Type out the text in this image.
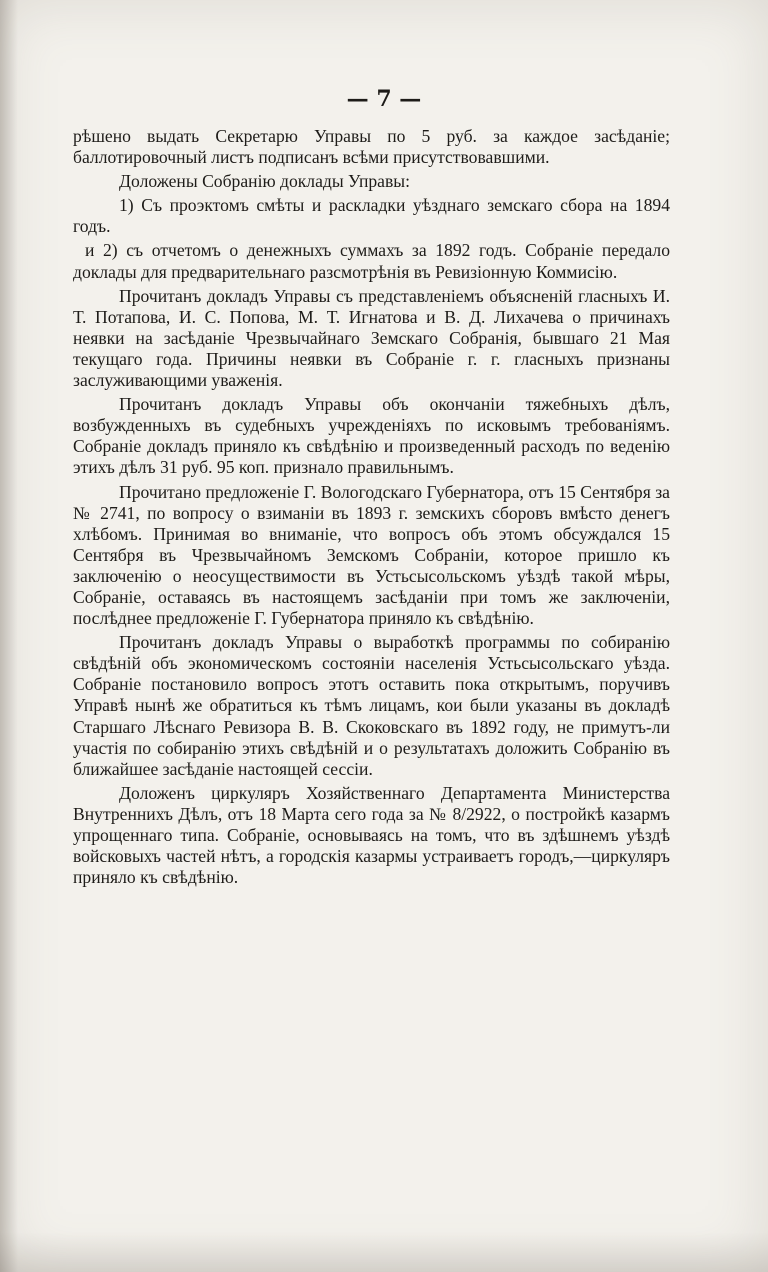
— 7 —

рѣшено выдать Секретарю Управы по 5 руб. за каждое засѣданіе; баллотировочный листъ подписанъ всѣми присутствовавшими.

Доложены Собранію доклады Управы:

1) Съ проэктомъ смѣты и раскладки уѣзднаго земскаго сбора на 1894 годъ.

и 2) съ отчетомъ о денежныхъ суммахъ за 1892 годъ. Собраніе передало доклады для предварительнаго разсмотрѣнія въ Ревизіонную Коммисію.

Прочитанъ докладъ Управы съ представленіемъ объясненій гласныхъ И. Т. Потапова, И. С. Попова, М. Т. Игнатова и В. Д. Лихачева о причинахъ неявки на засѣданіе Чрезвычайнаго Земскаго Собранія, бывшаго 21 Мая текущаго года. Причины неявки въ Собраніе г. г. гласныхъ признаны заслуживающими уваженія.

Прочитанъ докладъ Управы объ окончаніи тяжебныхъ дѣлъ, возбужденныхъ въ судебныхъ учрежденіяхъ по исковымъ требованіямъ. Собраніе докладъ приняло къ свѣдѣнію и произведенный расходъ по веденію этихъ дѣлъ 31 руб. 95 коп. признало правильнымъ.

Прочитано предложеніе Г. Вологодскаго Губернатора, отъ 15 Сентября за № 2741, по вопросу о взиманіи въ 1893 г. земскихъ сборовъ вмѣсто денегъ хлѣбомъ. Принимая во вниманіе, что вопросъ объ этомъ обсуждался 15 Сентября въ Чрезвычайномъ Земскомъ Собраніи, которое пришло къ заключенію о неосуществимости въ Устьсысольскомъ уѣздѣ такой мѣры, Собраніе, оставаясь въ настоящемъ засѣданіи при томъ же заключеніи, послѣднее предложеніе Г. Губернатора приняло къ свѣдѣнію.

Прочитанъ докладъ Управы о выработкѣ программы по собиранію свѣдѣній объ экономическомъ состояніи населенія Устьсысольскаго уѣзда. Собраніе постановило вопросъ этотъ оставить пока открытымъ, поручивъ Управѣ нынѣ же обратиться къ тѣмъ лицамъ, кои были указаны въ докладѣ Старшаго Лѣснаго Ревизора В. В. Скоковскаго въ 1892 году, не примутъ-ли участія по собиранію этихъ свѣдѣній и о результатахъ доложить Собранію въ ближайшее засѣданіе настоящей сессіи.

Доложенъ циркуляръ Хозяйственнаго Департамента Министерства Внутреннихъ Дѣлъ, отъ 18 Марта сего года за № 8/2922, о постройкѣ казармъ упрощеннаго типа. Собраніе, основываясь на томъ, что въ здѣшнемъ уѣздѣ войсковыхъ частей нѣтъ, а городскія казармы устраиваетъ городъ,—циркуляръ приняло къ свѣдѣнію.
